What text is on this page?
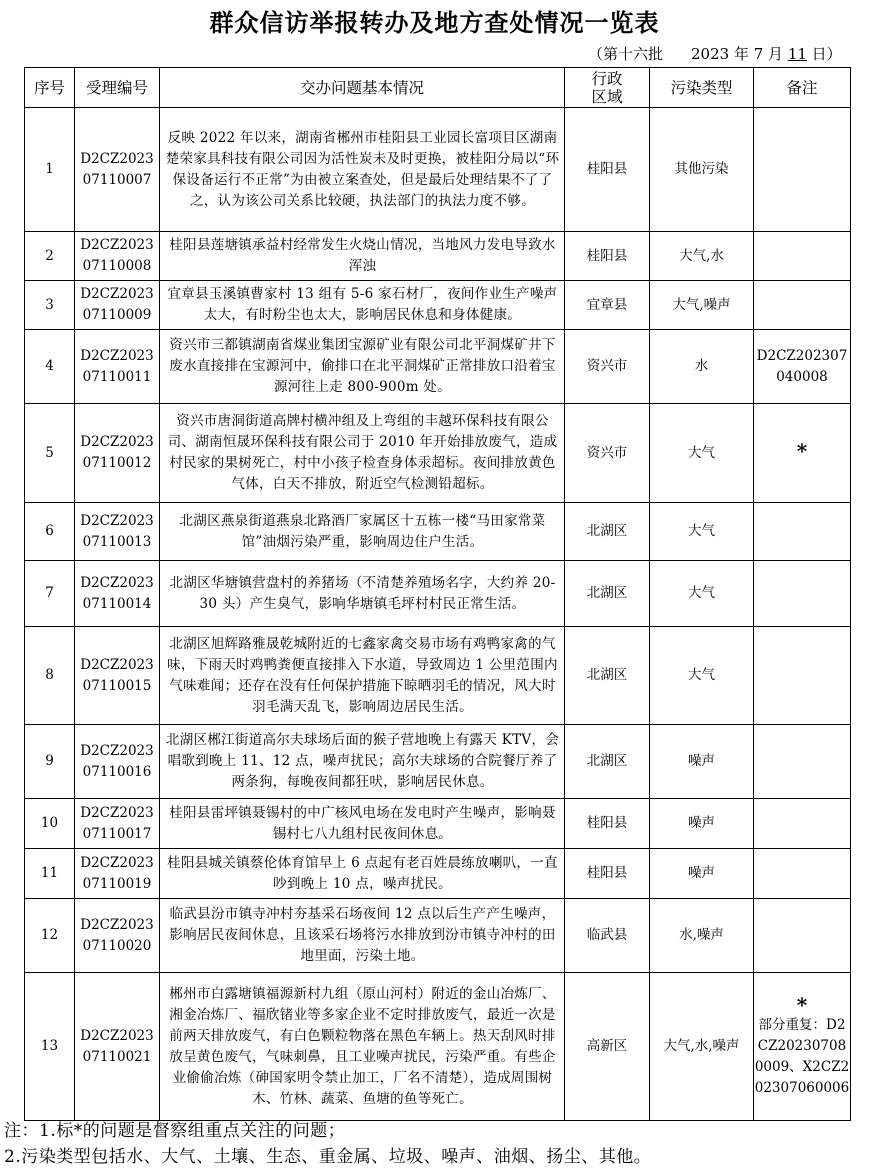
群众信访举报转办及地方查处情况一览表
（第十六批 2023 年 7 月 11 日）
序号	受理编号	交办问题基本情况	行政区域	污染类型	备注
1	D2CZ202307110007	反映 2022 年以来，湖南省郴州市桂阳县工业园长富项目区湖南楚荣家具科技有限公司因为活性炭未及时更换，被桂阳分局以“环保设备运行不正常”为由被立案查处，但是最后处理结果不了了之，认为该公司关系比较硬，执法部门的执法力度不够。	桂阳县	其他污染	
2	D2CZ202307110008	桂阳县莲塘镇承益村经常发生火烧山情况，当地风力发电导致水浑浊	桂阳县	大气,水	
3	D2CZ202307110009	宜章县玉溪镇曹家村 13 组有 5-6 家石材厂，夜间作业生产噪声太大，有时粉尘也太大，影响居民休息和身体健康。	宜章县	大气,噪声	
4	D2CZ202307110011	资兴市三都镇湖南省煤业集团宝源矿业有限公司北平洞煤矿井下废水直接排在宝源河中，偷排口在北平洞煤矿正常排放口沿着宝源河往上走 800-900m 处。	资兴市	水	D2CZ202307040008
5	D2CZ202307110012	资兴市唐洞街道高牌村横冲组及上弯组的丰越环保科技有限公司、湖南恒晟环保科技有限公司于 2010 年开始排放废气，造成村民家的果树死亡，村中小孩子检查身体汞超标。夜间排放黄色气体，白天不排放，附近空气检测铅超标。	资兴市	大气	*
6	D2CZ202307110013	北湖区燕泉街道燕泉北路酒厂家属区十五栋一楼“马田家常菜馆”油烟污染严重，影响周边住户生活。	北湖区	大气	
7	D2CZ202307110014	北湖区华塘镇营盘村的养猪场（不清楚养殖场名字，大约养 20-30 头）产生臭气，影响华塘镇毛坪村村民正常生活。	北湖区	大气	
8	D2CZ202307110015	北湖区旭辉路雅晟乾城附近的七鑫家禽交易市场有鸡鸭家禽的气味，下雨天时鸡鸭粪便直接排入下水道，导致周边 1 公里范围内气味难闻；还存在没有任何保护措施下晾晒羽毛的情况，风大时羽毛满天乱飞，影响周边居民生活。	北湖区	大气	
9	D2CZ202307110016	北湖区郴江街道高尔夫球场后面的猴子营地晚上有露天 KTV，会唱歌到晚上 11、12 点，噪声扰民；高尔夫球场的合院餐厅养了两条狗，每晚夜间都狂吠，影响居民休息。	北湖区	噪声	
10	D2CZ202307110017	桂阳县雷坪镇聂锡村的中广核风电场在发电时产生噪声，影响聂锡村七八九组村民夜间休息。	桂阳县	噪声	
11	D2CZ202307110019	桂阳县城关镇蔡伦体育馆早上 6 点起有老百姓晨练放喇叭，一直吵到晚上 10 点，噪声扰民。	桂阳县	噪声	
12	D2CZ202307110020	临武县汾市镇寺冲村夯基采石场夜间 12 点以后生产产生噪声，影响居民夜间休息，且该采石场将污水排放到汾市镇寺冲村的田地里面，污染土地。	临武县	水,噪声	
13	D2CZ202307110021	郴州市白露塘镇福源新村九组（原山河村）附近的金山冶炼厂、湘金冶炼厂、福欣锗业等多家企业不定时排放废气，最近一次是前两天排放废气，有白色颗粒物落在黑色车辆上。热天刮风时排放呈黄色废气，气味刺鼻，且工业噪声扰民，污染严重。有些企业偷偷冶炼（砷国家明令禁止加工，厂名不清楚），造成周围树木、竹林、蔬菜、鱼塘的鱼等死亡。	高新区	大气,水,噪声	*
部分重复：D2CZ202307080009、X2CZ202307060006
注：1.标*的问题是督察组重点关注的问题；
2.污染类型包括水、大气、土壤、生态、重金属、垃圾、噪声、油烟、扬尘、其他。
